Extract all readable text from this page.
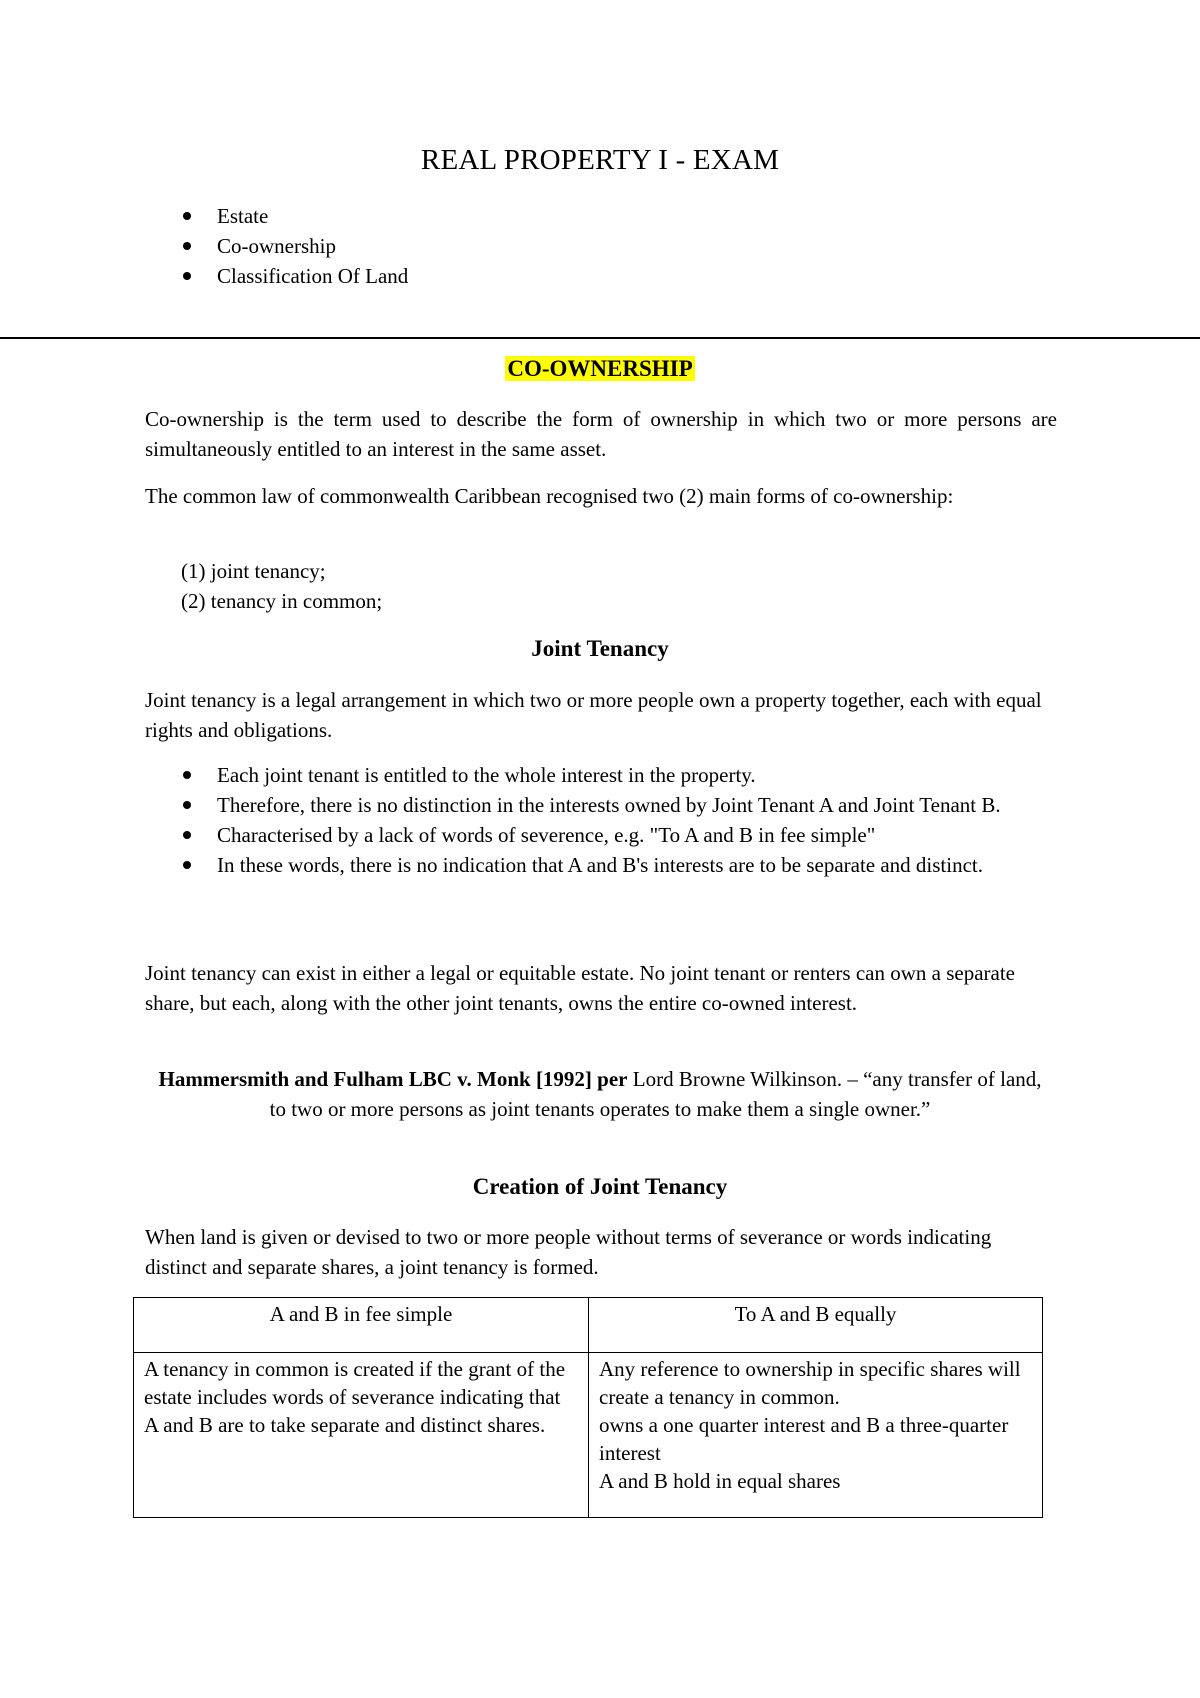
REAL PROPERTY I - EXAM
Estate
Co-ownership
Classification Of Land
CO-OWNERSHIP

Co-ownership is the term used to describe the form of ownership in which two or more persons are simultaneously entitled to an interest in the same asset.

The common law of commonwealth Caribbean recognised two (2) main forms of co-ownership:

(1) joint tenancy;

(2) tenancy in common;

Joint Tenancy

Joint tenancy is a legal arrangement in which two or more people own a property together, each with equal rights and obligations.

Each joint tenant is entitled to the whole interest in the property.
Therefore, there is no distinction in the interests owned by Joint Tenant A and Joint Tenant B.
Characterised by a lack of words of severence, e.g. "To A and B in fee simple"
In these words, there is no indication that A and B's interests are to be separate and distinct.

Joint tenancy can exist in either a legal or equitable estate. No joint tenant or renters can own a separate share, but each, along with the other joint tenants, owns the entire co-owned interest.

Hammersmith and Fulham LBC v. Monk [1992] per Lord Browne Wilkinson. – “any transfer of land, to two or more persons as joint tenants operates to make them a single owner.”
Creation of Joint Tenancy

When land is given or devised to two or more people without terms of severance or words indicating distinct and separate shares, a joint tenancy is formed.

A and B in fee simple	To A and B equally
A tenancy in common is created if the grant of the estate includes words of severance indicating that A and B are to take separate and distinct shares.	Any reference to ownership in specific shares will create a tenancy in common.
owns a one quarter interest and B a three-quarter interest
A and B hold in equal shares
